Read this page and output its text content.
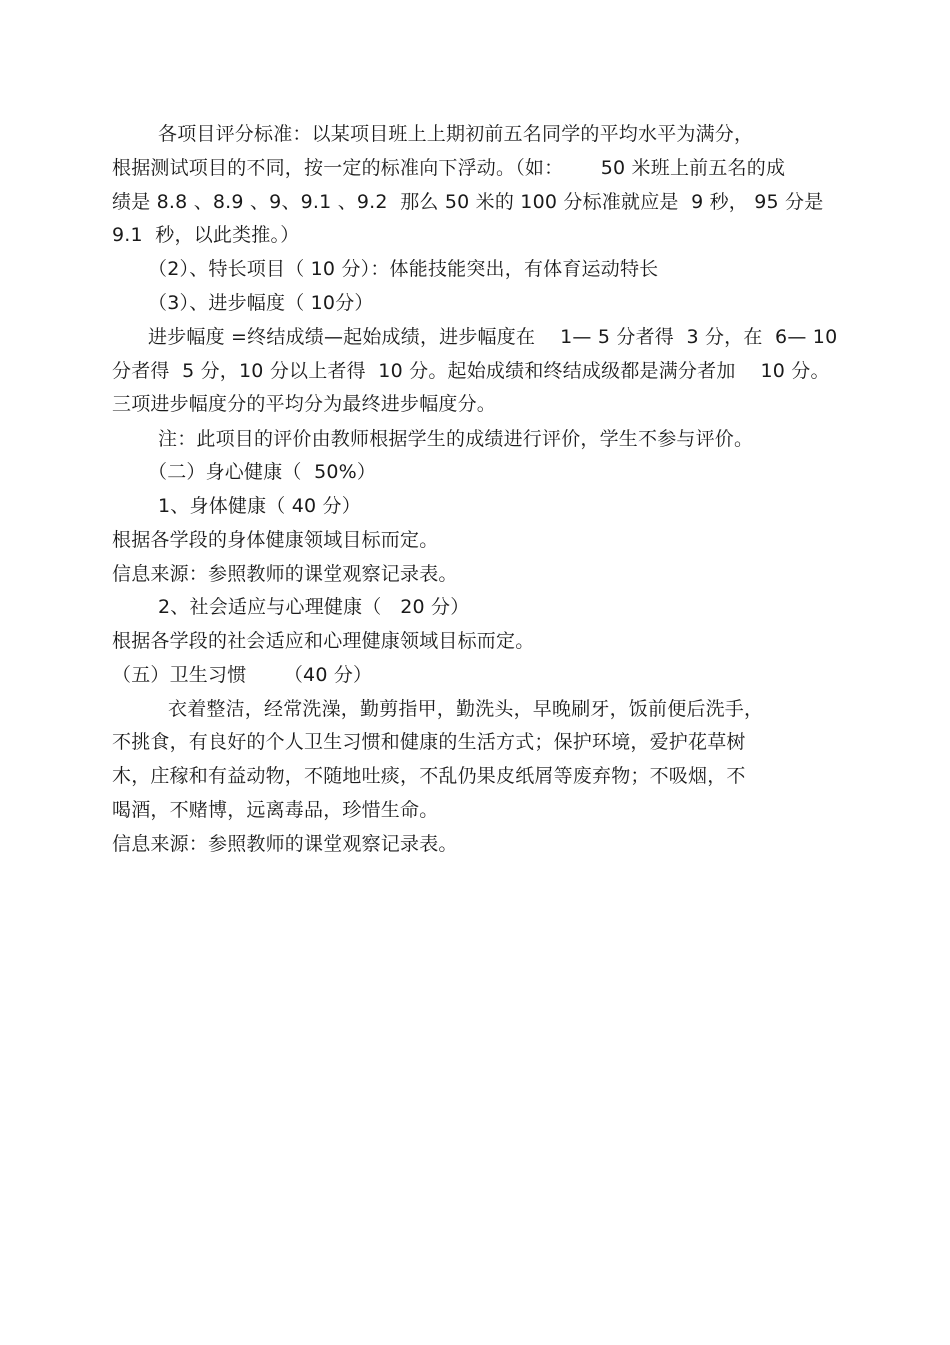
各项目评分标准：以某项目班上上期初前五名同学的平均水平为满分，
根据测试项目的不同，按一定的标准向下浮动。（如：      50 米班上前五名的成
绩是 8.8 、8.9 、9、9.1 、9.2  那么 50 米的 100 分标准就应是  9 秒， 95 分是
9.1  秒，以此类推。）
（2）、特长项目（ 10 分）：体能技能突出，有体育运动特长
（3）、进步幅度（ 10分）
进步幅度 =终结成绩—起始成绩，进步幅度在    1— 5 分者得  3 分，在  6— 10
分者得  5 分，10 分以上者得  10 分。起始成绩和终结成级都是满分者加    10 分。
三项进步幅度分的平均分为最终进步幅度分。
注：此项目的评价由教师根据学生的成绩进行评价，学生不参与评价。
（二）身心健康（  50%）
1、身体健康（ 40 分）
根据各学段的身体健康领域目标而定。
信息来源：参照教师的课堂观察记录表。
2、社会适应与心理健康（   20 分）
根据各学段的社会适应和心理健康领域目标而定。
（五）卫生习惯      （40 分）
衣着整洁，经常洗澡，勤剪指甲，勤洗头，早晚刷牙，饭前便后洗手，
不挑食，有良好的个人卫生习惯和健康的生活方式；保护环境，爱护花草树
木，庄稼和有益动物，不随地吐痰，不乱仍果皮纸屑等废弃物；不吸烟，不
喝酒，不赌博，远离毒品，珍惜生命。
信息来源：参照教师的课堂观察记录表。
